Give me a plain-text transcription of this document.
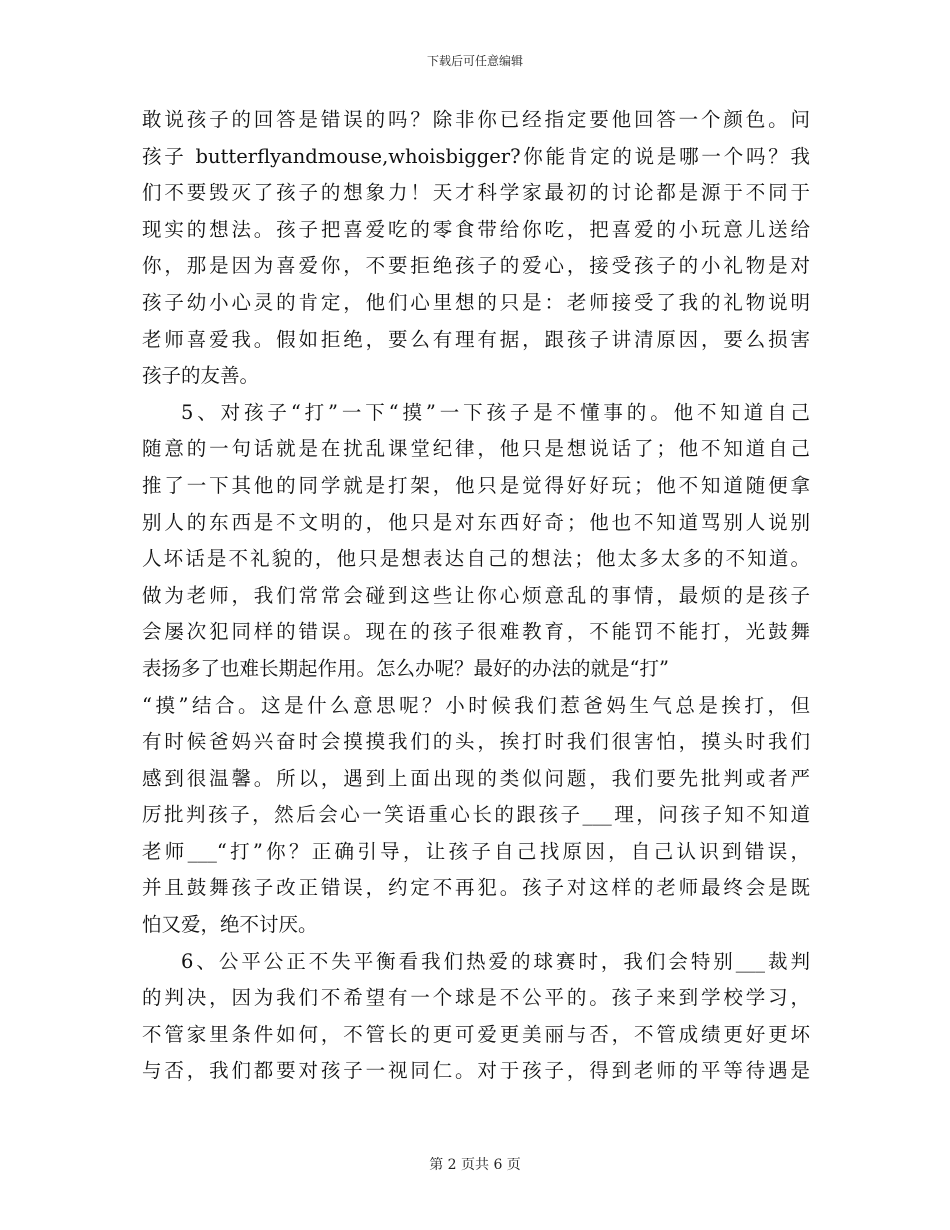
下载后可任意编辑
敢说孩子的回答是错误的吗？除非你已经指定要他回答一个颜色。问
孩子 butterflyandmouse,whoisbigger?你能肯定的说是哪一个吗？我
们不要毁灭了孩子的想象力！天才科学家最初的讨论都是源于不同于
现实的想法。孩子把喜爱吃的零食带给你吃，把喜爱的小玩意儿送给
你，那是因为喜爱你，不要拒绝孩子的爱心，接受孩子的小礼物是对
孩子幼小心灵的肯定，他们心里想的只是：老师接受了我的礼物说明
老师喜爱我。假如拒绝，要么有理有据，跟孩子讲清原因，要么损害
孩子的友善。
5、对孩子“打”一下“摸”一下孩子是不懂事的。他不知道自己
随意的一句话就是在扰乱课堂纪律，他只是想说话了；他不知道自己
推了一下其他的同学就是打架，他只是觉得好好玩；他不知道随便拿
别人的东西是不文明的，他只是对东西好奇；他也不知道骂别人说别
人坏话是不礼貌的，他只是想表达自己的想法；他太多太多的不知道。
做为老师，我们常常会碰到这些让你心烦意乱的事情，最烦的是孩子
会屡次犯同样的错误。现在的孩子很难教育，不能罚不能打，光鼓舞
表扬多了也难长期起作用。怎么办呢？最好的办法的就是“打”
“摸”结合。这是什么意思呢？小时候我们惹爸妈生气总是挨打，但
有时候爸妈兴奋时会摸摸我们的头，挨打时我们很害怕，摸头时我们
感到很温馨。所以，遇到上面出现的类似问题，我们要先批判或者严
厉批判孩子，然后会心一笑语重心长的跟孩子___理，问孩子知不知道
老师___“打”你？正确引导，让孩子自己找原因，自己认识到错误，
并且鼓舞孩子改正错误，约定不再犯。孩子对这样的老师最终会是既
怕又爱，绝不讨厌。
6、公平公正不失平衡看我们热爱的球赛时，我们会特别___裁判
的判决，因为我们不希望有一个球是不公平的。孩子来到学校学习，
不管家里条件如何，不管长的更可爱更美丽与否，不管成绩更好更坏
与否，我们都要对孩子一视同仁。对于孩子，得到老师的平等待遇是
第 2 页共 6 页
